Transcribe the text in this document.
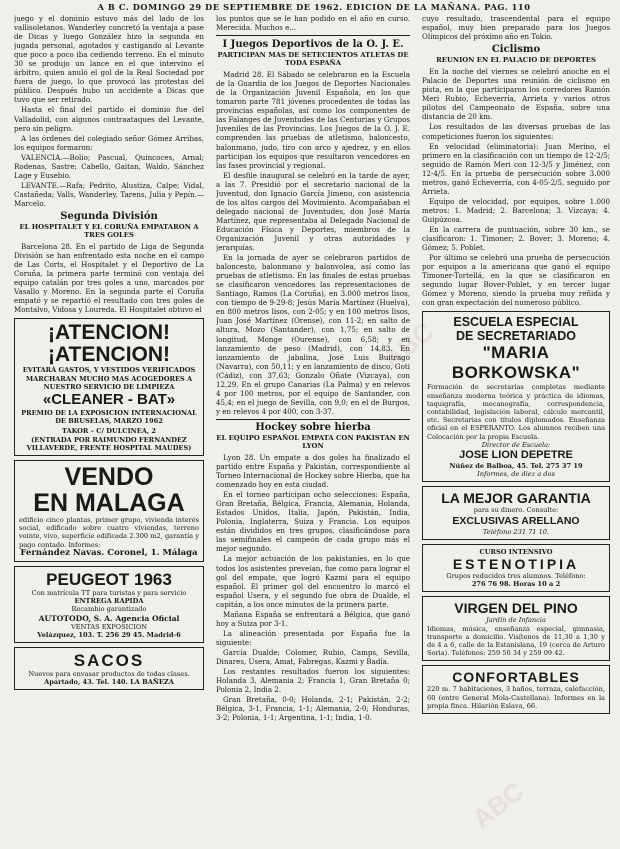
ABC
ABC
A B C. DOMINGO 29 DE SEPTIEMBRE DE 1962. EDICION DE LA MAÑANA. PAG. 110

juego y el dominio estuvo más del lado de los vallisoletanos. Wanderley concretó la ventaja a pase de Dicas y luego González hizo la segunda en jugada personal, agotados y castigando al Levante que poco a poco iba cediendo terreno. En el minuto 30 se produjo un lance en el que intervino el árbitro, quien anuló el gol de la Real Sociedad por fuera de juego, lo que provocó las protestas del público. Después hubo un accidente a Dicas que tuvo que ser retirado.

Hasta el final del partido el dominio fue del Valladolid, con algunos contraataques del Levante, pero sin peligro.

A las órdenes del colegiado señor Gómez Arribas, los equipos formaron:

VALENCIA.—Bolio; Pascual, Quincoces, Arnal; Rodenas, Sastre; Cabello, Gaitan, Waldo, Sánchez Lage y Eusebio.

LEVANTE.—Rafa; Pedrito, Alustiza, Calpe; Vidal, Castañeda; Valls, Wanderley, Tarens, Julia y Pepín.—Marcelo.

Segunda División
EL HOSPITALET Y EL CORUÑA EMPATARON A TRES GOLES

Barcelona 28. En el partido de Liga de Segunda División se han enfrentado esta noche en el campo de Las Corts, el Hospitalet y el Deportivo de La Coruña, la primera parte terminó con ventaja del equipo catalán por tres goles a uno, marcados por Vasallo y Moreno. En la segunda parte el Coruña empató y se repartió el resultado con tres goles de Montalvo, Vidosa y Loureda. El Hospitalet obtuvo el

¡ATENCION!
¡ATENCION!
EVITARÁ GASTOS, Y VESTIDOS VERIFICADOS MARCHARAN MUCHO MAS ACOGEDORES A NUESTRO SERVICIO DE LIMPIEZA
«CLEANER - BAT»
PREMIO DE LA EXPOSICION INTERNACIONAL DE BRUSELAS, MARZO 1962
TAKOR – C/ DULCINEA, 2
(ENTRADA POR RAIMUNDO FERNANDEZ VILLAVERDE, FRENTE HOSPITAL MAUDES)
VENDO
EN MALAGA
edificio cinco plantas, primer grupo, vivienda interés social, edificado sobre cuatro viviendas, terreno veinte, vivo, superficie edificada 2.300 m2, garantía y pago contado. Informes:
Fernández Navas. Coronel, 1. Málaga
PEUGEOT 1963
Con matrícula TT para turistas y para servicio
ENTREGA RAPIDA
Recambio garantizado
AUTOTODO, S. A. Agencia Oficial
VENTAS EXPOSICION
Velázquez, 103. T. 256 29 45. Madrid-6
SACOS
Nuevos para envasar productos de todas clases.
Apartado, 43. Tel. 140. LA BAÑEZA

los puntos que se le han podido en el año en curso. Merecida. Muchos e...

I Juegos Deportivos de la O. J. E.
PARTICIPAN MAS DE SETECIENTOS ATLETAS DE TODA ESPAÑA

Madrid 28. El Sábado se celebraron en la Escuela de la Guardia de los Juegos de Deportes Nacionales de la Organización Juvenil Española, en los que tomaron parte 781 jóvenes procedentes de todas las provincias españolas, así como los componentes de las Falanges de Juventudes de las Centurias y Grupos Juveniles de las Provincias. Los Juegos de la O. J. E. comprenden las pruebas de atletismo, baloncesto, balonmano, judo, tiro con arco y ajedrez, y en ellos participan los equipos que resultaron vencedores en las fases provincial y regional.

El desfile inaugural se celebró en la tarde de ayer, a las 7. Presidió por el secretario nacional de la Juventud, don Ignacio García Jimeno, con asistencia de los altos cargos del Movimiento. Acompañaban el delegado nacional de Juventudes, don José María Martínez, que representaba al Delegado Nacional de Educación Física y Deportes, miembros de la Organización Juvenil y otras autoridades y jerarquías.

En la jornada de ayer se celebraron partidos de baloncesto, balonmano y balonvolea, así como las pruebas de atletismo. En las finales de estas pruebas se clasificaron vencedores las representaciones de Santiago, Ramos (La Coruña), en 3.000 metros lisos, con tiempo de 9-29-8; Jesús María Martínez (Huelva), en 800 metros lisos, con 2-05; y en 100 metros lisos, Juan José Martínez (Orense), con 11-2; en salto de altura, Mozo (Santander), con 1,75; en salto de longitud, Monge (Ourense), con 6,58; y en lanzamiento de peso (Madrid), con 14,83. En lanzamiento de jabalina, José Luis Buitrago (Navarra), con 50,11; y en lanzamiento de disco, Goti (Cádiz), con 37,63; Gonzalo Oñate (Vizcaya), con 12,29. En el grupo Canarias (La Palma) y en relevos 4 por 100 metros, por el equipo de Santander, con 45,4; en el juego de Sevilla, con 9,0; en el de Burgos, y en relevos 4 por 400, con 3-37.

Hockey sobre hierba
EL EQUIPO ESPAÑOL EMPATA CON PAKISTAN EN LYON

Lyon 28. Un empate a dos goles ha finalizado el partido entre España y Pakistán, correspondiente al Torneo Internacional de Hockey sobre Hierba, que ha comenzado hoy en esta ciudad.

En el torneo participan ocho selecciones: España, Gran Bretaña, Bélgica, Francia, Alemania, Holanda, Estados Unidos, Italia, Japón, Pakistán, India, Polonia, Inglaterra, Suiza y Francia. Los equipos están divididos en tres grupos, clasificándose para las semifinales el campeón de cada grupo más el mejor segundo.

La mejor actuación de los pakistaníes, en lo que todos los asistentes preveían, fue como para lograr el gol del empate, que logró Kazmi para el equipo español. El primer gol del encuentro lo marcó el español Usera, y el segundo fue obra de Dualde, el capitán, a los once minutos de la primera parte.

Mañana España se enfrentará a Bélgica, que ganó hoy a Suiza por 3-1.

La alineación presentada por España fue la siguiente:

García Dualde; Colomer, Rubio, Camps, Sevilla, Dinares, Usera, Amat, Fabregas, Kazmi y Badía.

Los restantes resultados fueron los siguientes: Holanda 3, Alemania 2; Francia 1, Gran Bretaña 0; Polonia 2, India 2.

Gran Bretaña, 0-0; Holanda, 2-1; Pakistán, 2-2; Bélgica, 3-1, Francia, 1-1; Alemania, 2-0; Honduras, 3-2; Polonia, 1-1; Argentina, 1-1; India, 1-0.

cuyo resultado, trascendental para el equipo español, muy bien preparado para los Juegos Olímpicos del próximo año en Tokio.

Ciclismo
REUNION EN EL PALACIO DE DEPORTES

En la noche del viernes se celebró anoche en el Palacio de Deportes una reunión de ciclismo en pista, en la que participaron los corredores Ramón Meri Rubio, Echeverría, Arrieta y varios otros pilotos del Campeonato de España, sobre una distancia de 20 km.

Los resultados de las diversas pruebas de las competiciones fueron los siguientes:

En velocidad (eliminatoria): Juan Merino, el primero en la clasificación con un tiempo de 12-2/5; seguido de Ramón Meri con 12-3/5 y Jiménez, con 12-4/5. En la prueba de persecución sobre 3.000 metros, ganó Echeverría, con 4-05-2/5, seguido por Arrieta.

Equipo de velocidad, por equipos, sobre 1.000 metros: 1. Madrid; 2. Barcelona; 3. Vizcaya; 4. Guipúzcoa.

En la carrera de puntuación, sobre 30 km., se clasificaron: 1. Timoner; 2. Bover; 3. Moreno; 4. Gómez; 5. Poblet.

Por último se celebró una prueba de persecución por equipos a la americana que ganó el equipo Timoner-Tortellá, en la que se clasificaron en segundo lugar Bover-Poblet, y en tercer lugar Gómez y Moreno, siendo la prueba muy reñida y con gran expectación del numeroso público.

ESCUELA ESPECIAL
DE SECRETARIADO
"MARIA BORKOWSKA"
Formación de secretarias completas mediante enseñanza moderna teórica y práctica de idiomas, taquigrafía, mecanografía, correspondencia, contabilidad, legislación laboral, cálculo mercantil, etc. Secretarias con títulos diplomados. Enseñanza oficial en el ESPERANTO. Los alumnos reciben una Colocación por la propia Escuela.
Director de Escuela:
JOSE LION DEPETRE
Núñez de Balboa, 45. Tel. 275 37 19
Informes, de diez a dos
LA MEJOR GARANTIA
para su dinero. Consulte:
EXCLUSIVAS ARELLANO
Teléfono 231 71 10.
CURSO INTENSIVO
ESTENOTIPIA
Grupos reducidos tres alumnos. Teléfono:
276 76 98. Horas 10 a 2
VIRGEN DEL PINO
Jardín de Infancia
Idiomas, música, enseñanza especial, gimnasia, transporte a domicilio. Visítenos de 11,30 a 1,30 y de 4 a 6, calle de la Estanislana, 19 (cerca de Arturo Soria). Teléfonos: 259 50 34 y 259 09 42.
CONFORTABLES
220 m. 7 habitaciones, 3 baños, terraza, calefacción, 60 (entre General Mola-Castellana). Informes en la propia finca. Hilarión Eslava, 66.
